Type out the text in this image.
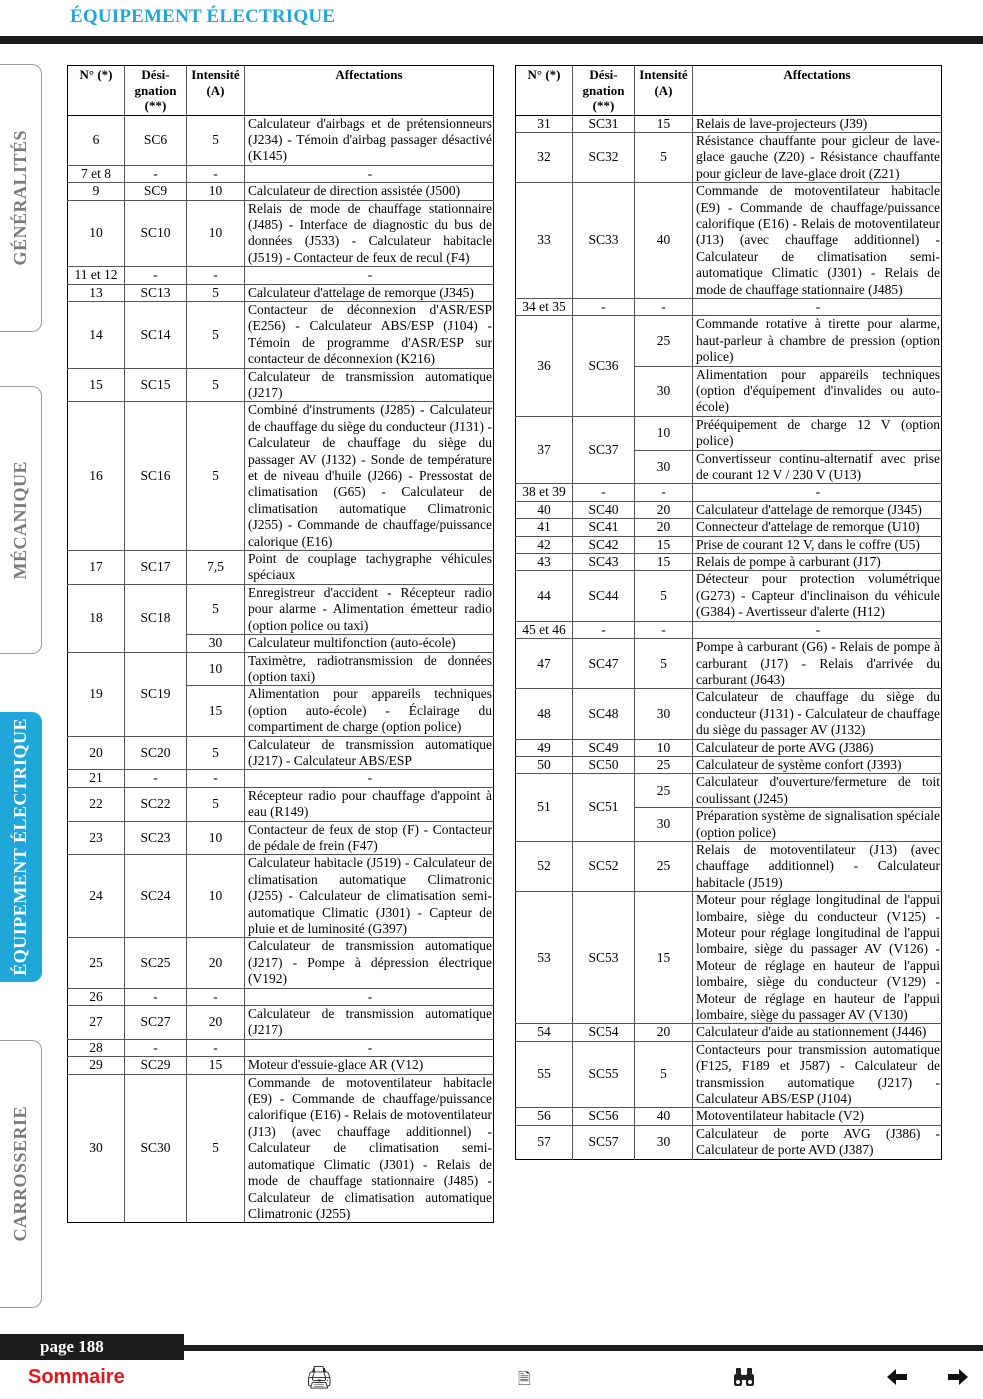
ÉQUIPEMENT ÉLECTRIQUE
GÉNÉRALITÉS
MÉCANIQUE
ÉQUIPEMENT ÉLECTRIQUE
CARROSSERIE
N° (*)	Dési- gnation (**)	Intensité (A)	Affectations
6	SC6	5	Calculateur d'airbags et de prétensionneurs (J234) - Témoin d'airbag passager désactivé (K145)
7 et 8	-	-	-
9	SC9	10	Calculateur de direction assistée (J500)
10	SC10	10	Relais de mode de chauffage stationnaire (J485) - Interface de diagnostic du bus de données (J533) - Calculateur habitacle (J519) - Contacteur de feux de recul (F4)
11 et 12	-	-	-
13	SC13	5	Calculateur d'attelage de remorque (J345)
14	SC14	5	Contacteur de déconnexion d'ASR/ESP (E256) - Calculateur ABS/ESP (J104) - Témoin de programme d'ASR/ESP sur contacteur de déconnexion (K216)
15	SC15	5	Calculateur de transmission automatique (J217)
16	SC16	5	Combiné d'instruments (J285) - Calculateur de chauffage du siège du conducteur (J131) - Calculateur de chauffage du siège du passager AV (J132) - Sonde de température et de niveau d'huile (J266) - Pressostat de climatisation (G65) - Calculateur de climatisation automatique Climatronic (J255) - Commande de chauffage/puissance calorique (E16)
17	SC17	7,5	Point de couplage tachygraphe véhicules spéciaux
18	SC18	5	Enregistreur d'accident - Récepteur radio pour alarme - Alimentation émetteur radio (option police ou taxi)
		30	Calculateur multifonction (auto-école)
19	SC19	10	Taximètre, radiotransmission de données (option taxi)
		15	Alimentation pour appareils techniques (option auto-école) - Éclairage du compartiment de charge (option police)
20	SC20	5	Calculateur de transmission automatique (J217) - Calculateur ABS/ESP
21	-	-	-
22	SC22	5	Récepteur radio pour chauffage d'appoint à eau (R149)
23	SC23	10	Contacteur de feux de stop (F) - Contacteur de pédale de frein (F47)
24	SC24	10	Calculateur habitacle (J519) - Calculateur de climatisation automatique Climatronic (J255) - Calculateur de climatisation semi-automatique Climatic (J301) - Capteur de pluie et de luminosité (G397)
25	SC25	20	Calculateur de transmission automatique (J217) - Pompe à dépression électrique (V192)
26	-	-	-
27	SC27	20	Calculateur de transmission automatique (J217)
28	-	-	-
29	SC29	15	Moteur d'essuie-glace AR (V12)
30	SC30	5	Commande de motoventilateur habitacle (E9) - Commande de chauffage/puissance calorifique (E16) - Relais de motoventilateur (J13) (avec chauffage additionnel) - Calculateur de climatisation semi-automatique Climatic (J301) - Relais de mode de chauffage stationnaire (J485) - Calculateur de climatisation automatique Climatronic (J255)
N° (*)	Dési- gnation (**)	Intensité (A)	Affectations
31	SC31	15	Relais de lave-projecteurs (J39)
32	SC32	5	Résistance chauffante pour gicleur de lave-glace gauche (Z20) - Résistance chauffante pour gicleur de lave-glace droit (Z21)
33	SC33	40	Commande de motoventilateur habitacle (E9) - Commande de chauffage/puissance calorifique (E16) - Relais de motoventilateur (J13) (avec chauffage additionnel) - Calculateur de climatisation semi-automatique Climatic (J301) - Relais de mode de chauffage stationnaire (J485)
34 et 35	-	-	-
36	SC36	25	Commande rotative à tirette pour alarme, haut-parleur à chambre de pression (option police)
		30	Alimentation pour appareils techniques (option d'équipement d'invalides ou auto-école)
37	SC37	10	Prééquipement de charge 12 V (option police)
		30	Convertisseur continu-alternatif avec prise de courant 12 V / 230 V (U13)
38 et 39	-	-	-
40	SC40	20	Calculateur d'attelage de remorque (J345)
41	SC41	20	Connecteur d'attelage de remorque (U10)
42	SC42	15	Prise de courant 12 V, dans le coffre (U5)
43	SC43	15	Relais de pompe à carburant (J17)
44	SC44	5	Détecteur pour protection volumétrique (G273) - Capteur d'inclinaison du véhicule (G384) - Avertisseur d'alerte (H12)
45 et 46	-	-	-
47	SC47	5	Pompe à carburant (G6) - Relais de pompe à carburant (J17) - Relais d'arrivée du carburant (J643)
48	SC48	30	Calculateur de chauffage du siège du conducteur (J131) - Calculateur de chauffage du siège du passager AV (J132)
49	SC49	10	Calculateur de porte AVG (J386)
50	SC50	25	Calculateur de système confort (J393)
51	SC51	25	Calculateur d'ouverture/fermeture de toit coulissant (J245)
		30	Préparation système de signalisation spéciale (option police)
52	SC52	25	Relais de motoventilateur (J13) (avec chauffage additionnel) - Calculateur habitacle (J519)
53	SC53	15	Moteur pour réglage longitudinal de l'appui lombaire, siège du conducteur (V125) - Moteur pour réglage longitudinal de l'appui lombaire, siège du passager AV (V126) - Moteur de réglage en hauteur de l'appui lombaire, siège du conducteur (V129) - Moteur de réglage en hauteur de l'appui lombaire, siège du passager AV (V130)
54	SC54	20	Calculateur d'aide au stationnement (J446)
55	SC55	5	Contacteurs pour transmission automatique (F125, F189 et J587) - Calculateur de transmission automatique (J217) - Calculateur ABS/ESP (J104)
56	SC56	40	Motoventilateur habitacle (V2)
57	SC57	30	Calculateur de porte AVG (J386) - Calculateur de porte AVD (J387)
page 188
Sommaire	🖨	🗎
